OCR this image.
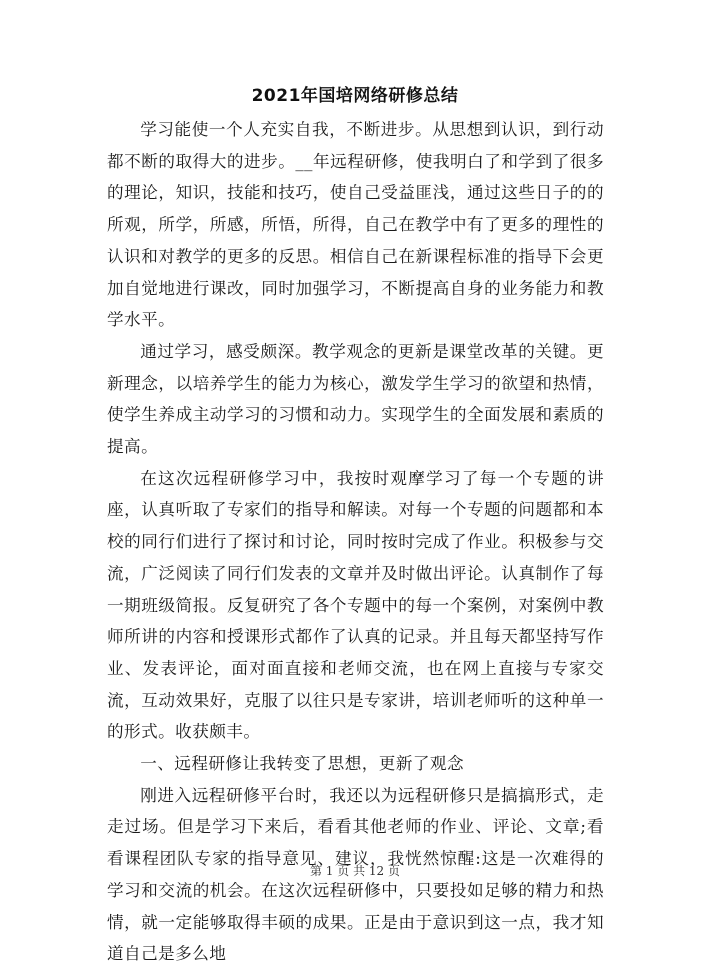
2021年国培网络研修总结

学习能使一个人充实自我，不断进步。从思想到认识，到行动都不断的取得大的进步。__年远程研修，使我明白了和学到了很多的理论，知识，技能和技巧，使自己受益匪浅，通过这些日子的的所观，所学，所感，所悟，所得，自己在教学中有了更多的理性的认识和对教学的更多的反思。相信自己在新课程标准的指导下会更加自觉地进行课改，同时加强学习，不断提高自身的业务能力和教学水平。

通过学习，感受颇深。教学观念的更新是课堂改革的关键。更新理念，以培养学生的能力为核心，激发学生学习的欲望和热情，使学生养成主动学习的习惯和动力。实现学生的全面发展和素质的提高。

在这次远程研修学习中，我按时观摩学习了每一个专题的讲座，认真听取了专家们的指导和解读。对每一个专题的问题都和本校的同行们进行了探讨和讨论，同时按时完成了作业。积极参与交流，广泛阅读了同行们发表的文章并及时做出评论。认真制作了每一期班级简报。反复研究了各个专题中的每一个案例，对案例中教师所讲的内容和授课形式都作了认真的记录。并且每天都坚持写作业、发表评论，面对面直接和老师交流，也在网上直接与专家交流，互动效果好，克服了以往只是专家讲，培训老师听的这种单一的形式。收获颇丰。

一、远程研修让我转变了思想，更新了观念

刚进入远程研修平台时，我还以为远程研修只是搞搞形式，走走过场。但是学习下来后，看看其他老师的作业、评论、文章;看看课程团队专家的指导意见、建议，我恍然惊醒:这是一次难得的学习和交流的机会。在这次远程研修中，只要投如足够的精力和热情，就一定能够取得丰硕的成果。正是由于意识到这一点，我才知道自己是多么地

第 1 页 共 12 页
